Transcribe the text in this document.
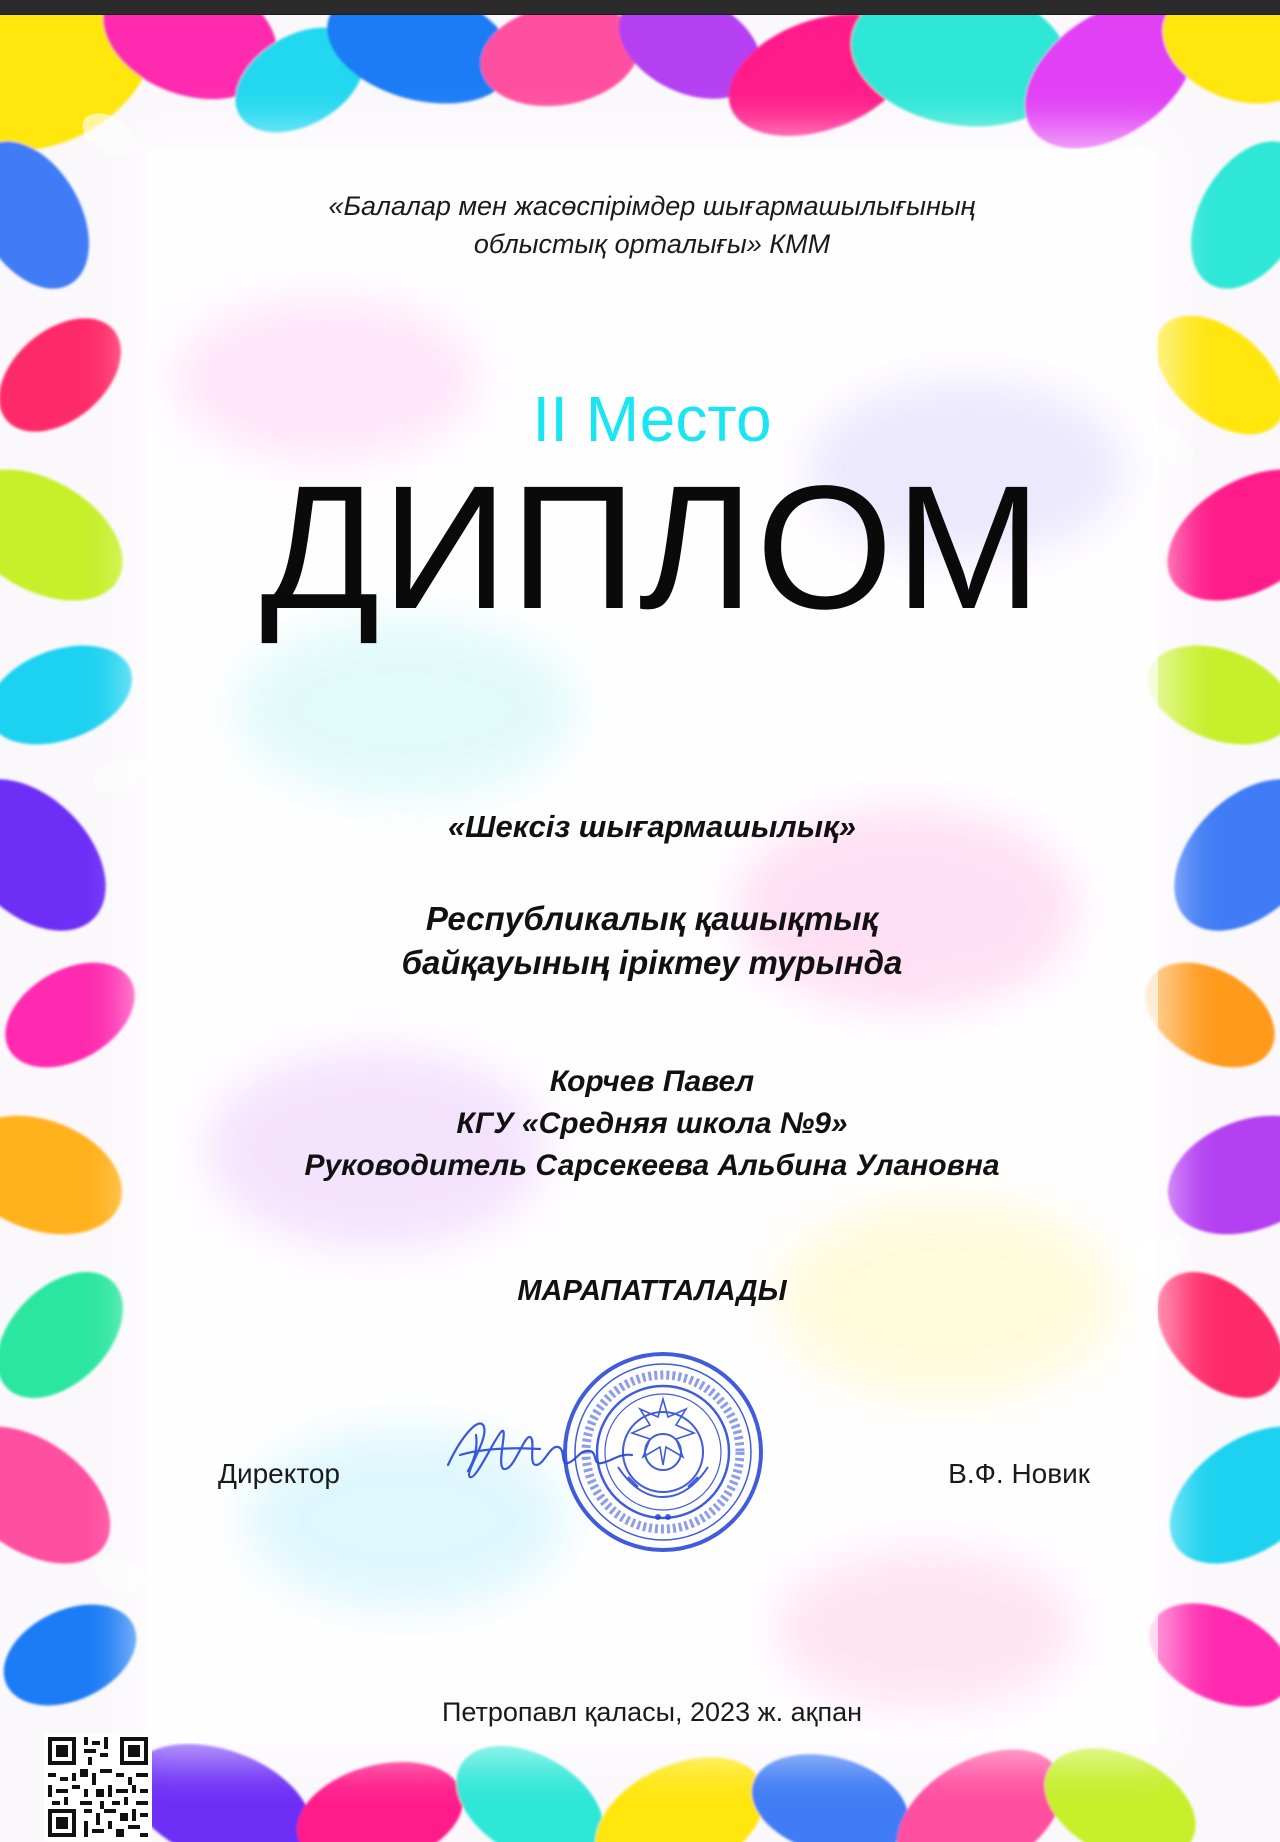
«Балалар мен жасөспірімдер шығармашылығының
облыстық орталығы» КММ

II Место

ДИПЛОМ

«Шексіз шығармашылық»

Республикалық қашықтық
байқауының іріктеу турында

Корчев Павел
КГУ «Средняя школа №9»
Руководитель Сарсекеева Альбина Улановна

МАРАПАТТАЛАДЫ

Директор	В.Ф. Новик

Петропавл қаласы, 2023 ж. ақпан
